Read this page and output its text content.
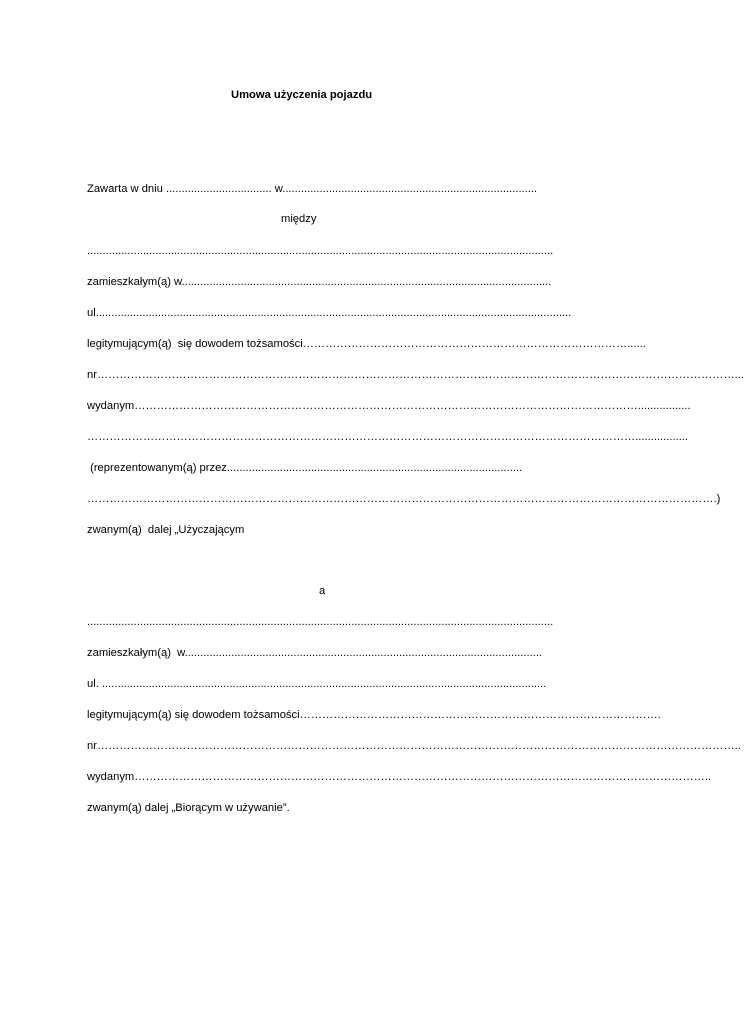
Umowa użyczenia pojazdu
Zawarta w dniu .................................. w..................................................................................
między
......................................................................................................................................................
zamieszkałym(ą) w.......................................................................................................................
ul.........................................................................................................................................................
legitymującym(ą)  się dowodem tożsamości……………………………………………………………………………......
nr………………………………………………………………………………………………………………………………………………………...
wydanym……………………………………………………………………………………………………………………….................
………………………………………………………………………………………………………………………………….................
(reprezentowanym(ą) przez...............................................................................................
…………………………………………………………………………………………………………………………………………………….)
zwanym(ą)  dalej „Użyczającym
a
......................................................................................................................................................
zamieszkałym(ą)  w...................................................................................................................
ul. ...............................................................................................................................................
legitymującym(ą) się dowodem tożsamości…………………………………………………………………………………….
nr………………………………………………………………………………………………………………………………………………………..
wydanym………………………………………………………………………………………………………………………………………..
zwanym(ą) dalej „Biorącym w używanie”.
